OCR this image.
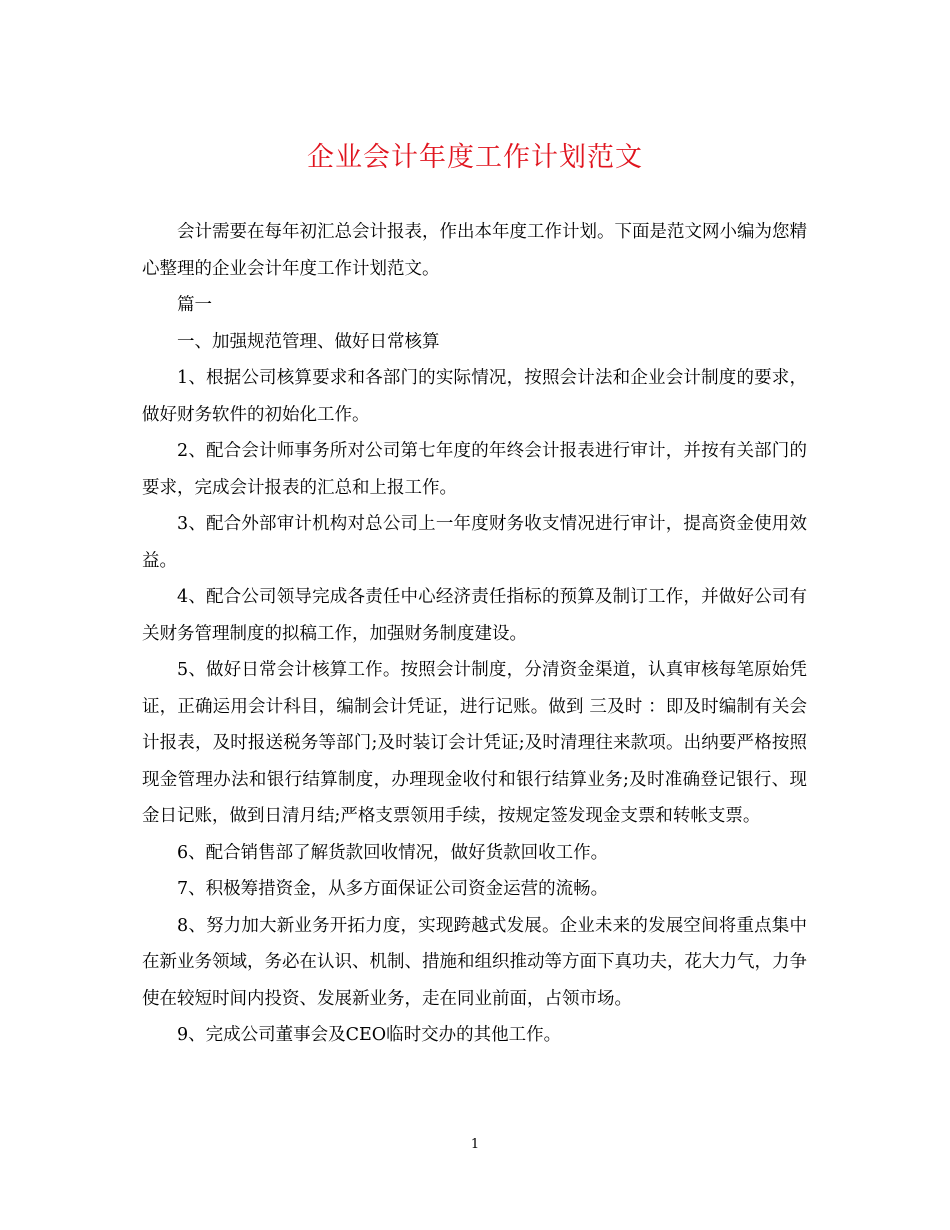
企业会计年度工作计划范文

会计需要在每年初汇总会计报表，作出本年度工作计划。下面是范文网小编为您精心整理的企业会计年度工作计划范文。

篇一

一、加强规范管理、做好日常核算

1、根据公司核算要求和各部门的实际情况，按照会计法和企业会计制度的要求，做好财务软件的初始化工作。

2、配合会计师事务所对公司第七年度的年终会计报表进行审计，并按有关部门的要求，完成会计报表的汇总和上报工作。

3、配合外部审计机构对总公司上一年度财务收支情况进行审计，提高资金使用效益。

4、配合公司领导完成各责任中心经济责任指标的预算及制订工作，并做好公司有关财务管理制度的拟稿工作，加强财务制度建设。

5、做好日常会计核算工作。按照会计制度，分清资金渠道，认真审核每笔原始凭证，正确运用会计科目，编制会计凭证，进行记账。做到 三及时 ：即及时编制有关会计报表，及时报送税务等部门;及时装订会计凭证;及时清理往来款项。出纳要严格按照现金管理办法和银行结算制度，办理现金收付和银行结算业务;及时准确登记银行、现金日记账，做到日清月结;严格支票领用手续，按规定签发现金支票和转帐支票。

6、配合销售部了解货款回收情况，做好货款回收工作。

7、积极筹措资金，从多方面保证公司资金运营的流畅。

8、努力加大新业务开拓力度，实现跨越式发展。企业未来的发展空间将重点集中在新业务领域，务必在认识、机制、措施和组织推动等方面下真功夫，花大力气，力争使在较短时间内投资、发展新业务，走在同业前面，占领市场。

9、完成公司董事会及CEO临时交办的其他工作。

1
